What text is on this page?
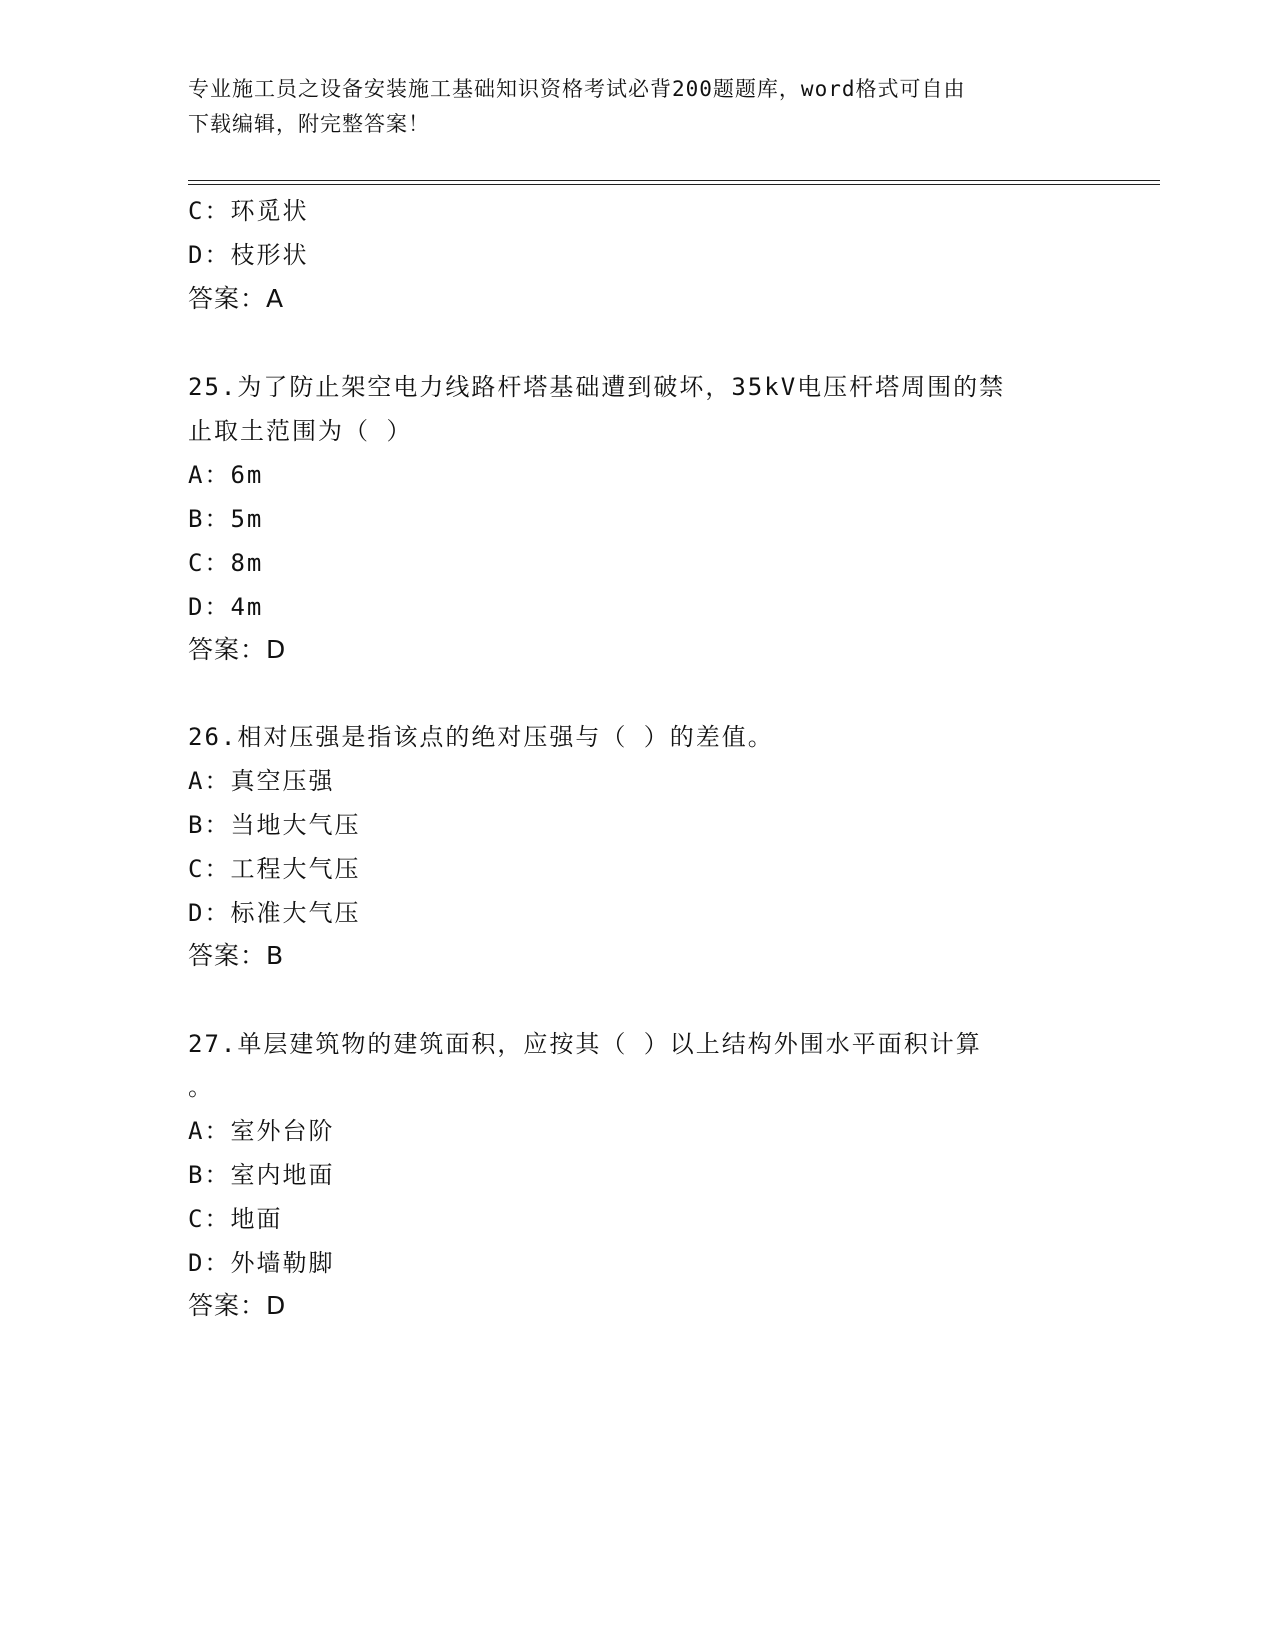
专业施工员之设备安装施工基础知识资格考试必背200题题库，word格式可自由
下载编辑，附完整答案！
C：环觅状
D：枝形状
答案：A
25.为了防止架空电力线路杆塔基础遭到破坏，35kV电压杆塔周围的禁
止取土范围为（ ）
A：6m
B：5m
C：8m
D：4m
答案：D
26.相对压强是指该点的绝对压强与（ ）的差值。
A：真空压强
B：当地大气压
C：工程大气压
D：标准大气压
答案：B
27.单层建筑物的建筑面积，应按其（ ）以上结构外围水平面积计算
。
A：室外台阶
B：室内地面
C：地面
D：外墙勒脚
答案：D
